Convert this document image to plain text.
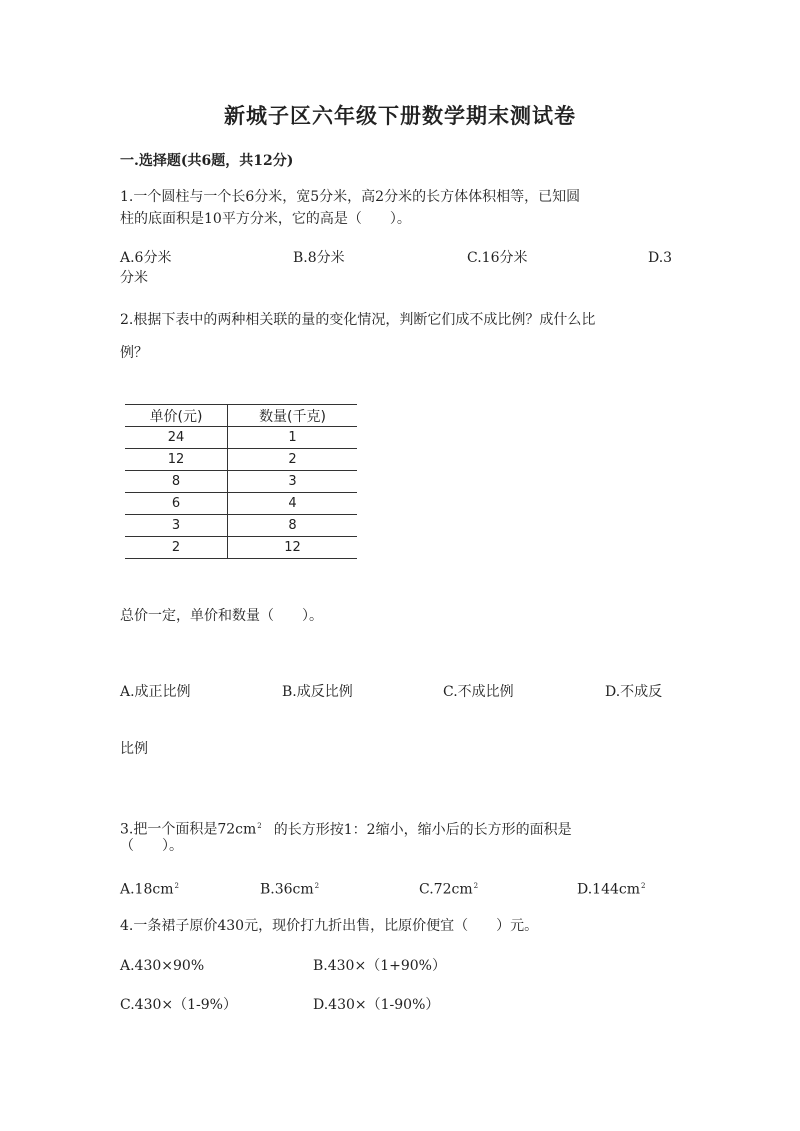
新城子区六年级下册数学期末测试卷
一.选择题(共6题，共12分)
1.一个圆柱与一个长6分米，宽5分米，高2分米的长方体体积相等，已知圆
柱的底面积是10平方分米，它的高是（　　）。
A.6分米	B.8分米	C.16分米	D.3
分米
2.根据下表中的两种相关联的量的变化情况，判断它们成不成比例？成什么比
例？
单价(元)	数量(千克)
24	1
12	2
8	3
6	4
3	8
2	12
总价一定，单价和数量（　　）。
A.成正比例	B.成反比例	C.不成比例	D.不成反
比例
3.把一个面积是$72cm^2$ 的长方形按1：2缩小，缩小后的长方形的面积是
（　　）。
$A.18cm^2$	$B.36cm^2$	$C.72cm^2$	$D.144cm^2$
4.一条裙子原价430元，现价打九折出售，比原价便宜（　　）元。
A.430×90%	B.430×（1+90%）
C.430×（1-9%）	D.430×（1-90%）
